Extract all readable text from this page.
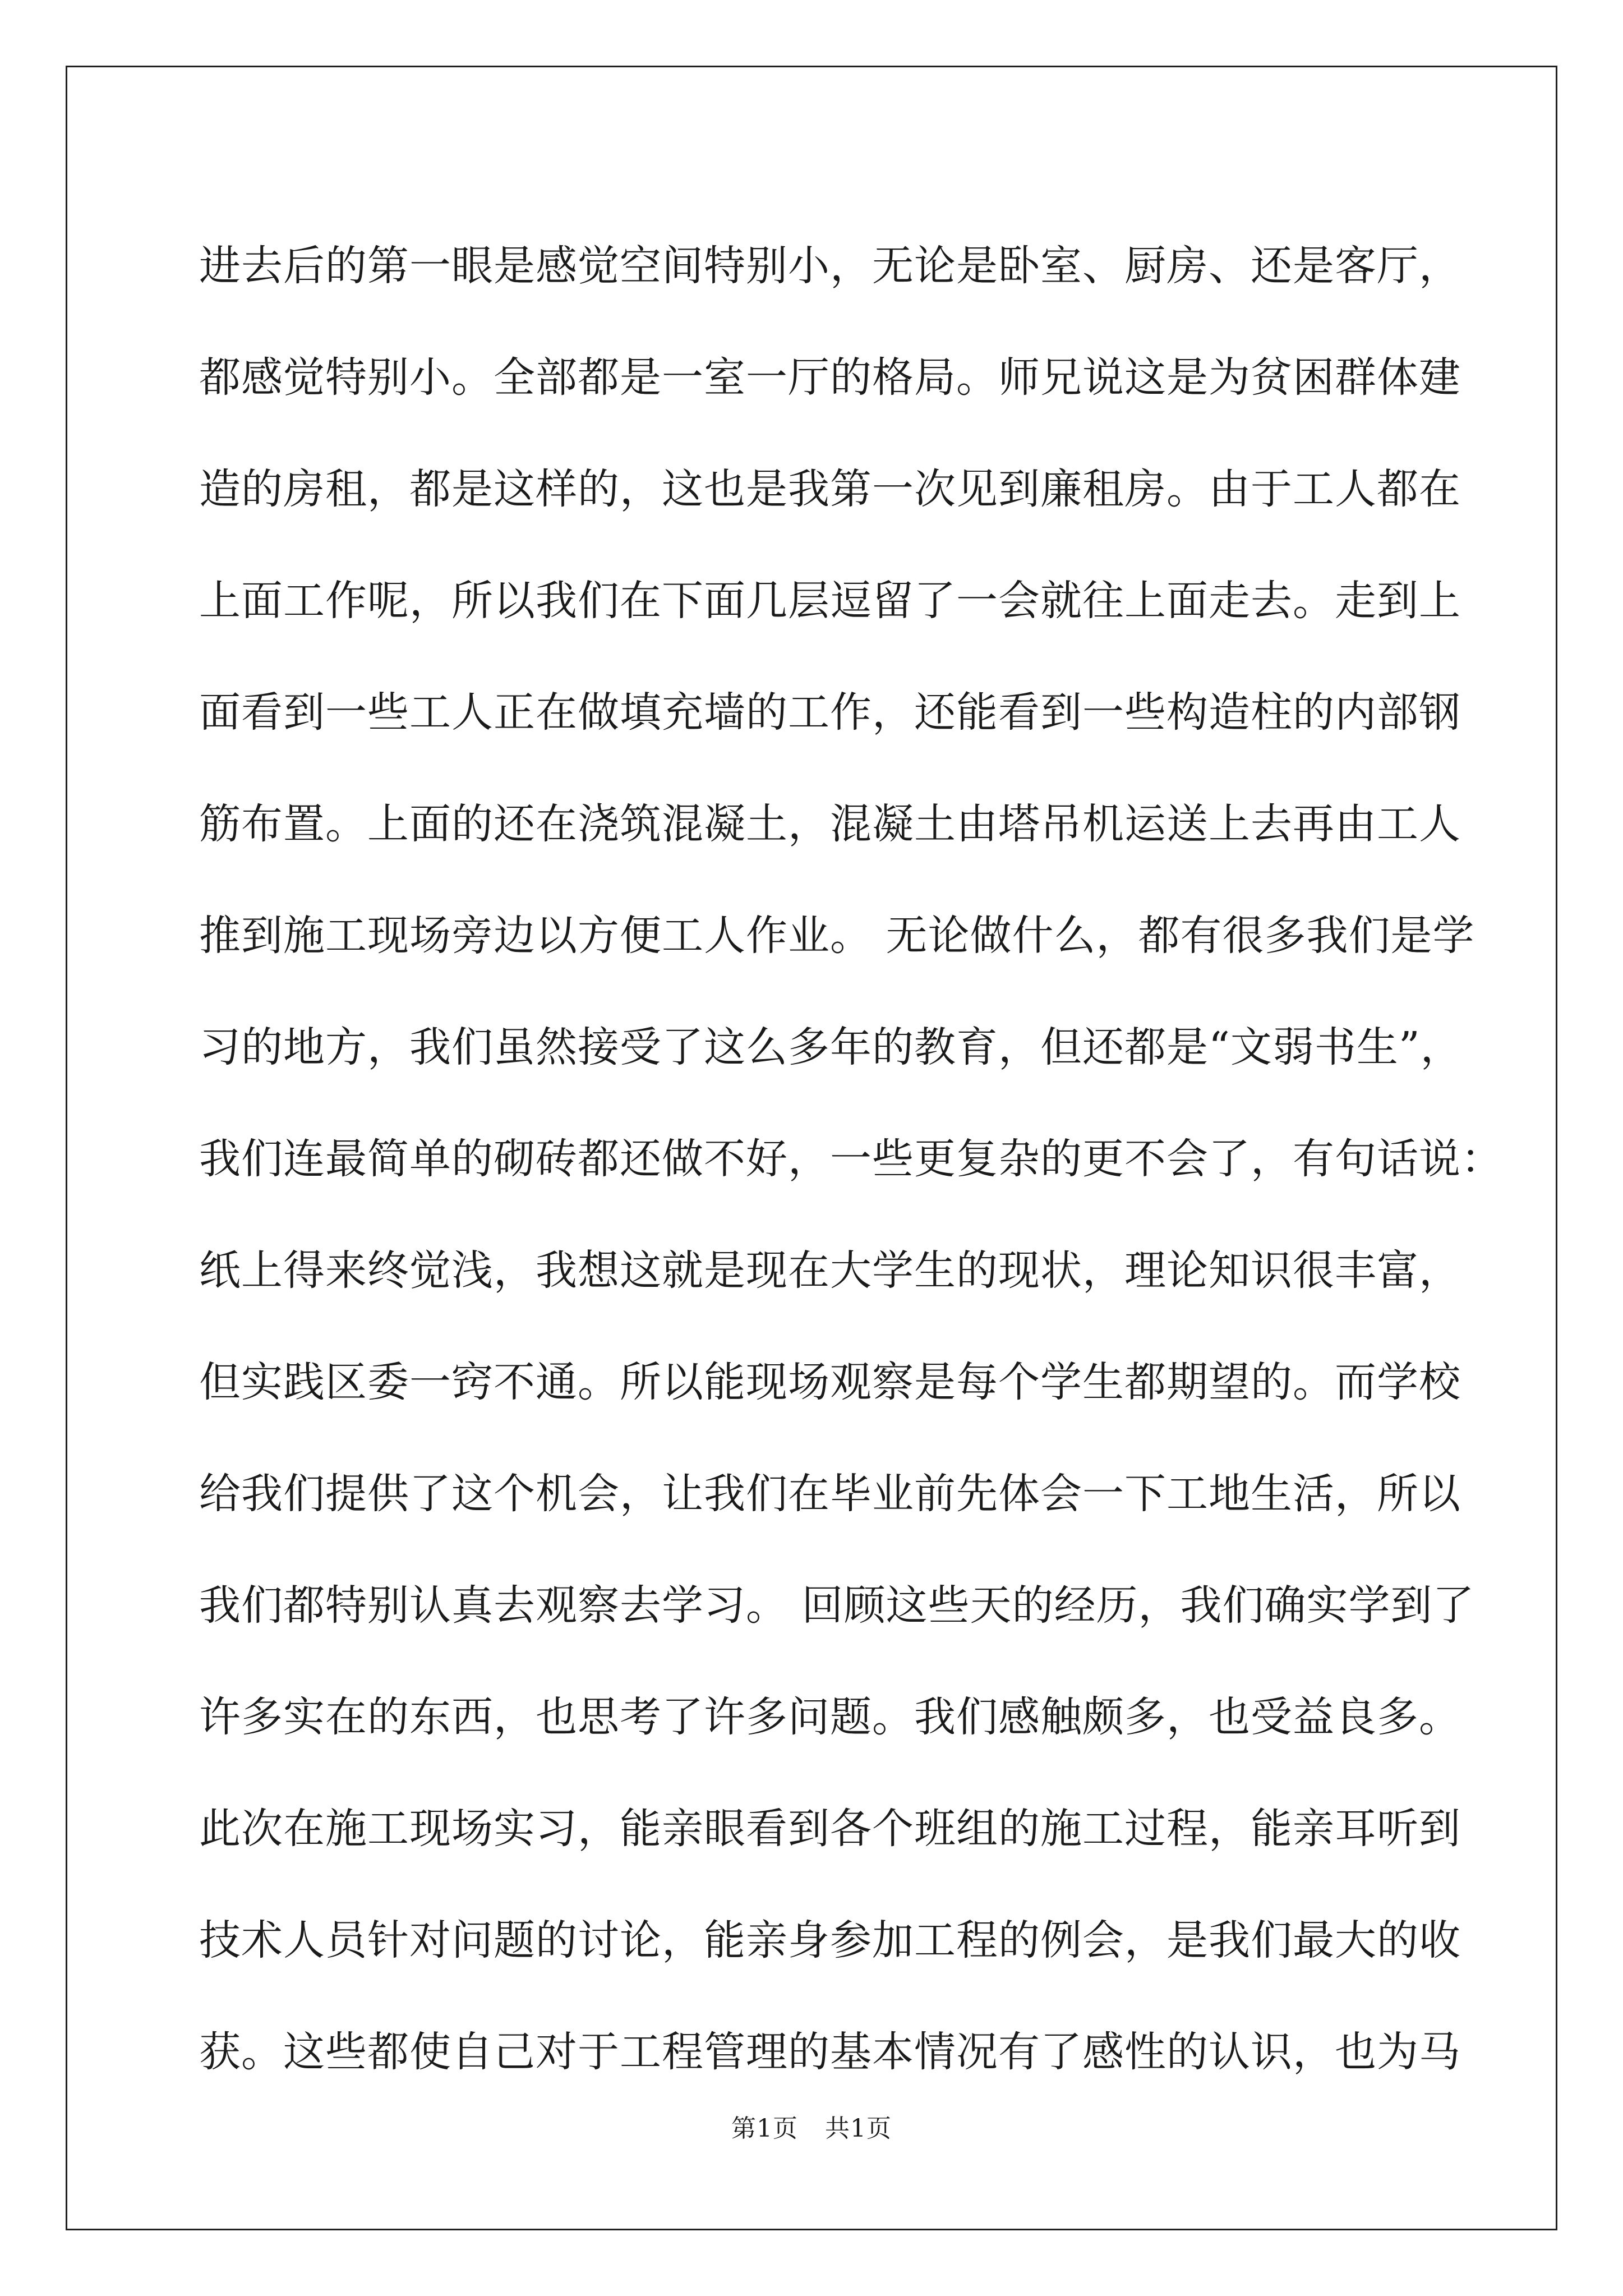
进去后的第一眼是感觉空间特别小，无论是卧室、厨房、还是客厅，
都感觉特别小。全部都是一室一厅的格局。师兄说这是为贫困群体建
造的房租，都是这样的，这也是我第一次见到廉租房。由于工人都在
上面工作呢，所以我们在下面几层逗留了一会就往上面走去。走到上
面看到一些工人正在做填充墙的工作，还能看到一些构造柱的内部钢
筋布置。上面的还在浇筑混凝土，混凝土由塔吊机运送上去再由工人
推到施工现场旁边以方便工人作业。 无论做什么，都有很多我们是学
习的地方，我们虽然接受了这么多年的教育，但还都是“文弱书生”，
我们连最简单的砌砖都还做不好，一些更复杂的更不会了，有句话说：
纸上得来终觉浅，我想这就是现在大学生的现状，理论知识很丰富，
但实践区委一窍不通。所以能现场观察是每个学生都期望的。而学校
给我们提供了这个机会，让我们在毕业前先体会一下工地生活，所以
我们都特别认真去观察去学习。 回顾这些天的经历，我们确实学到了
许多实在的东西，也思考了许多问题。我们感触颇多，也受益良多。
此次在施工现场实习，能亲眼看到各个班组的施工过程，能亲耳听到
技术人员针对问题的讨论，能亲身参加工程的例会，是我们最大的收
获。这些都使自己对于工程管理的基本情况有了感性的认识，也为马
第1页 共1页
